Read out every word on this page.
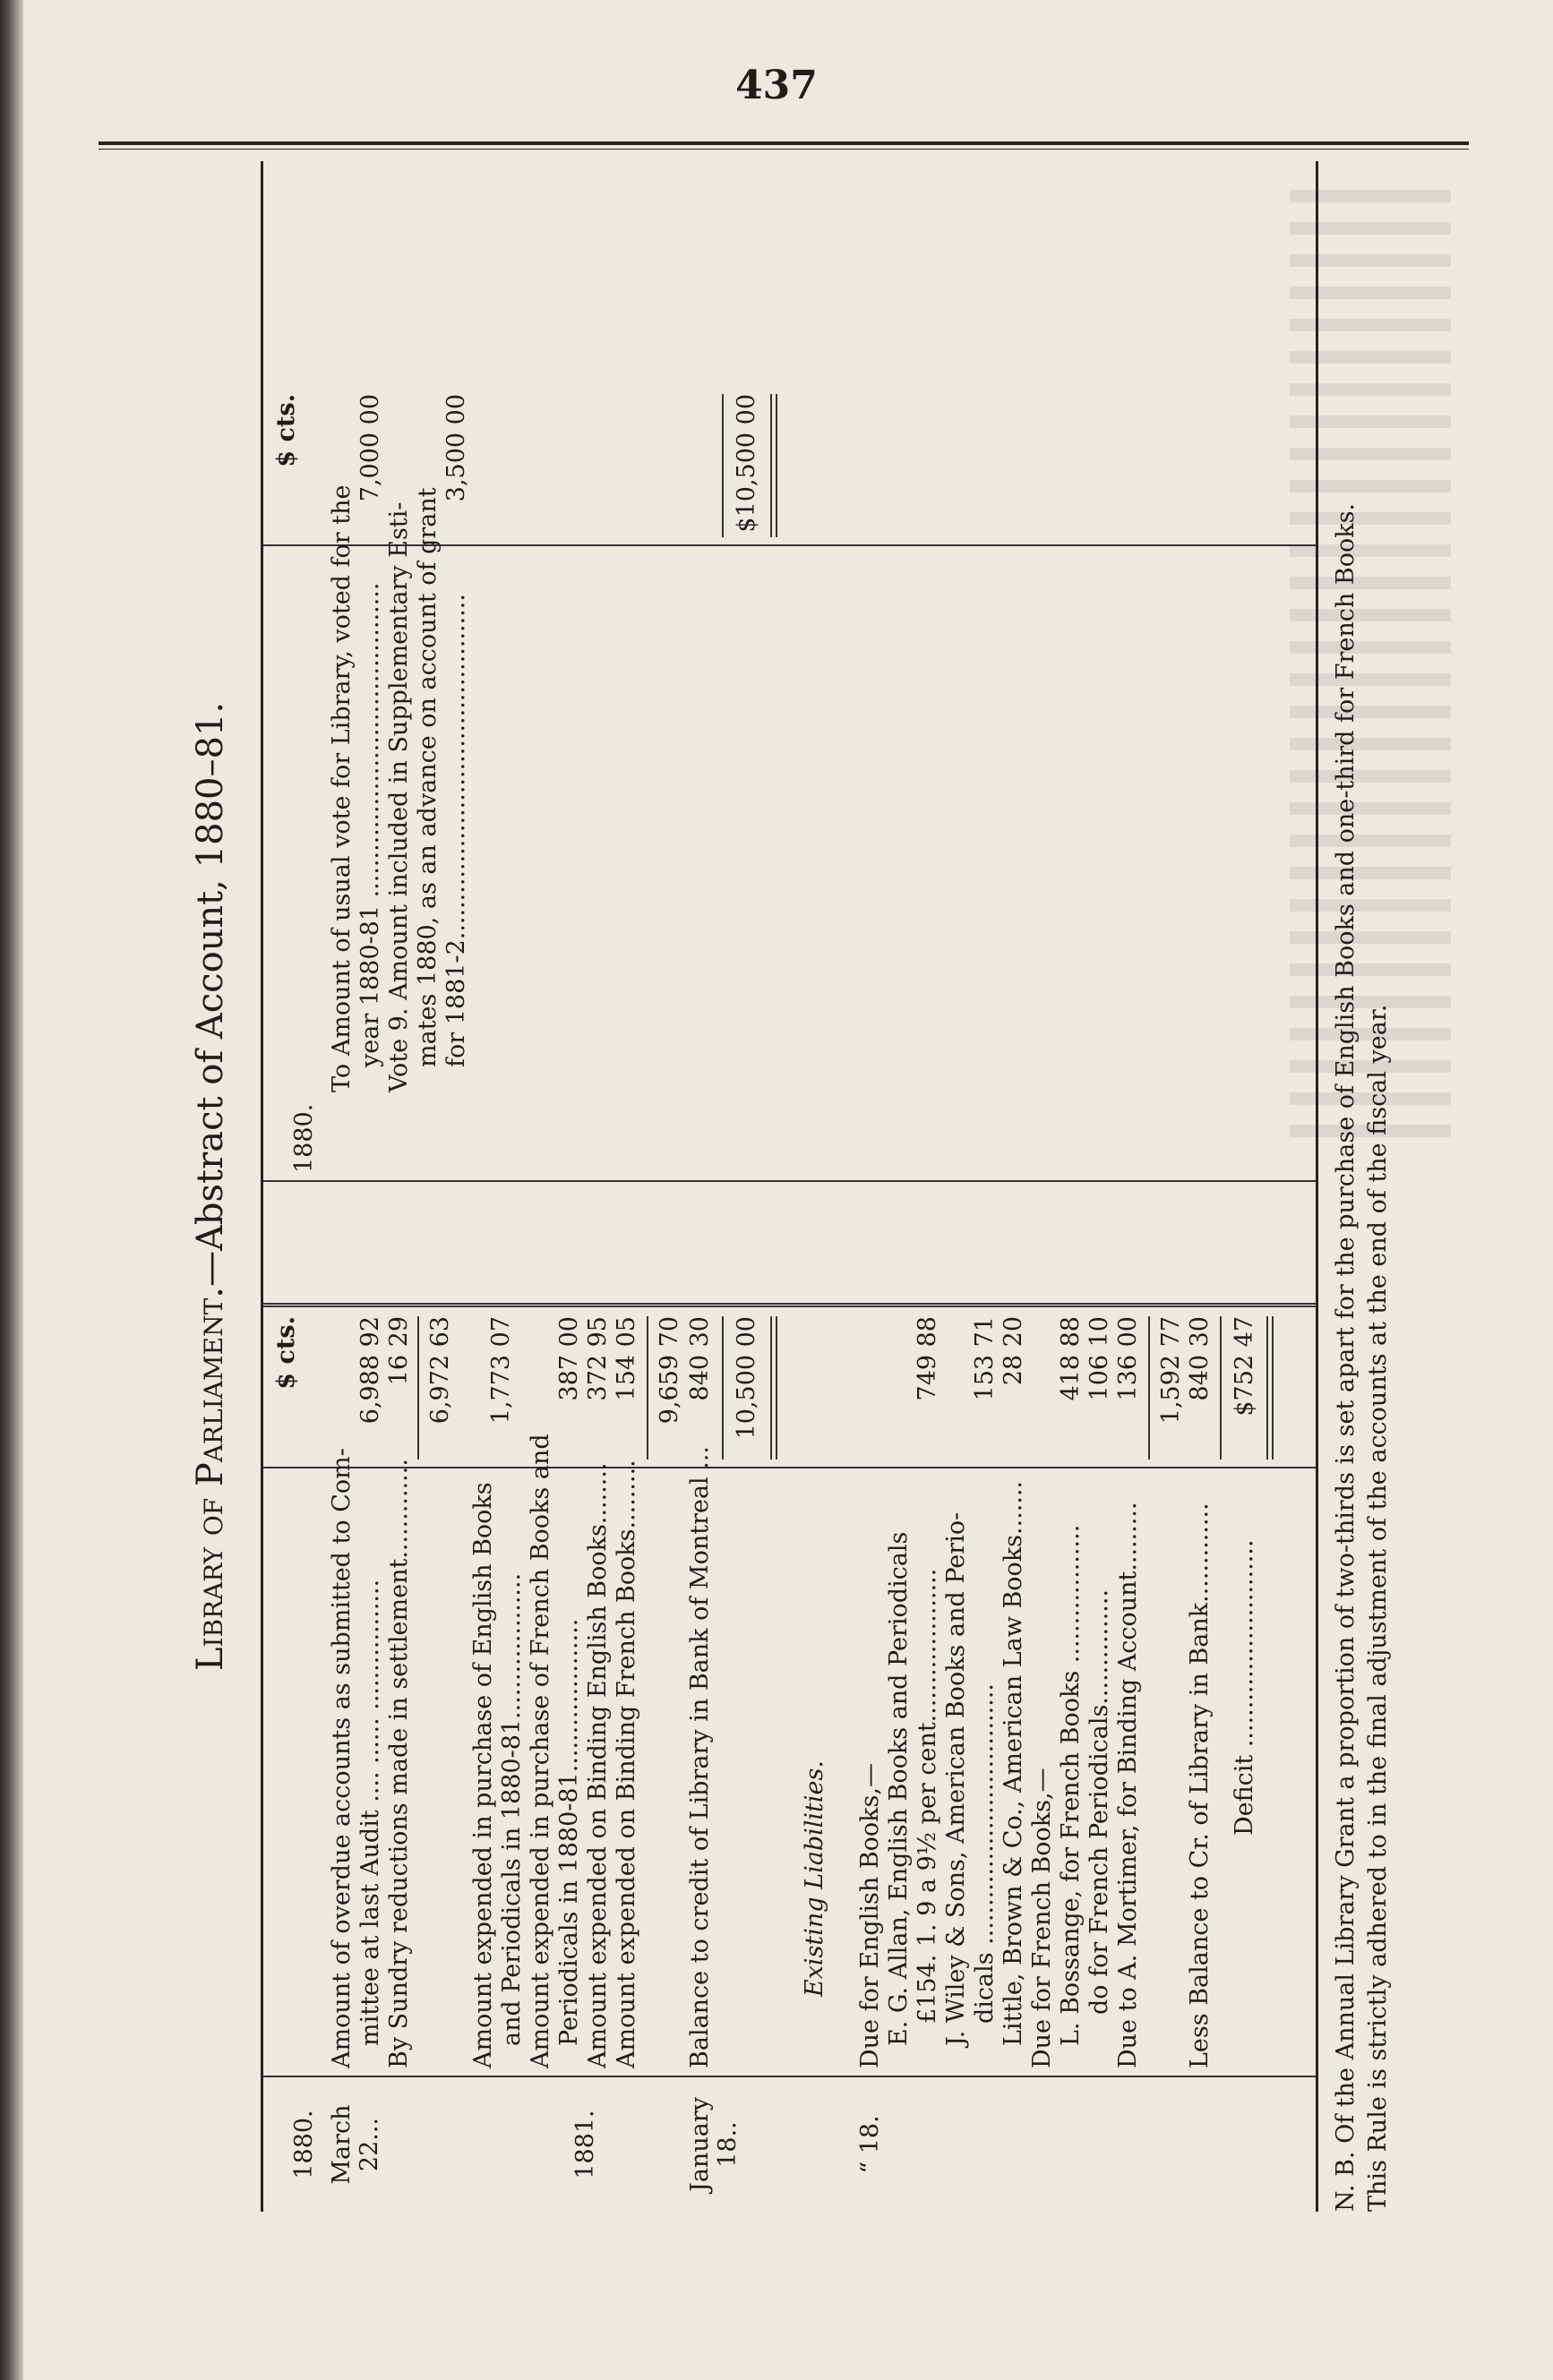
437
Library of Parliament.—Abstract of Account, 1880–81.
$ cts.
$ cts.
1880. March 22...
Amount of overdue accounts as submitted to Com- mittee at last Audit .... ...... .................
6,988 92
By Sundry reductions made in settlement.............
16 29 6,972 63
Amount expended in purchase of English Books and Periodicals in 1880-81...................
1,773 07
Amount expended in purchase of French Books and Periodicals in 1880-81....................
387 00
1881.
Amount expended on Binding English Books........
372 95
Amount expended on Binding French Books.........
154 05 9,659 70
January 18..
Balance to credit of Library in Bank of Montreal ...
840 30 10,500 00
Existing Liabilities.
“ 18.
Due for English Books,— E. G. Allan, English Books and Periodicals £154. 1. 9 a 9½ per cent....................
749 88
J. Wiley & Sons, American Books and Perio- dicals ..................................
153 71
Little, Brown & Co., American Law Books.......
28 20
Due for French Books,— L. Bossange, for French Books ..................
418 88
do for French Periodicals...............
106 10
Due to A. Mortimer, for Binding Account.........
136 00 1,592 77
Less Balance to Cr. of Library in Bank.............
840 30
Deficit ...........................
$752 47
1880.
To Amount of usual vote for Library, voted for the year 1880-81 .........................................
7,000 00
Vote 9. Amount included in Supplementary Esti- mates 1880, as an advance on account of grant for 1881-2.............................................
3,500 00	$10,500 00
N. B. Of the Annual Library Grant a proportion of two-thirds is set apart for the purchase of English Books and one-third for French Books. This Rule is strictly adhered to in the final adjustment of the accounts at the end of the fiscal year.
